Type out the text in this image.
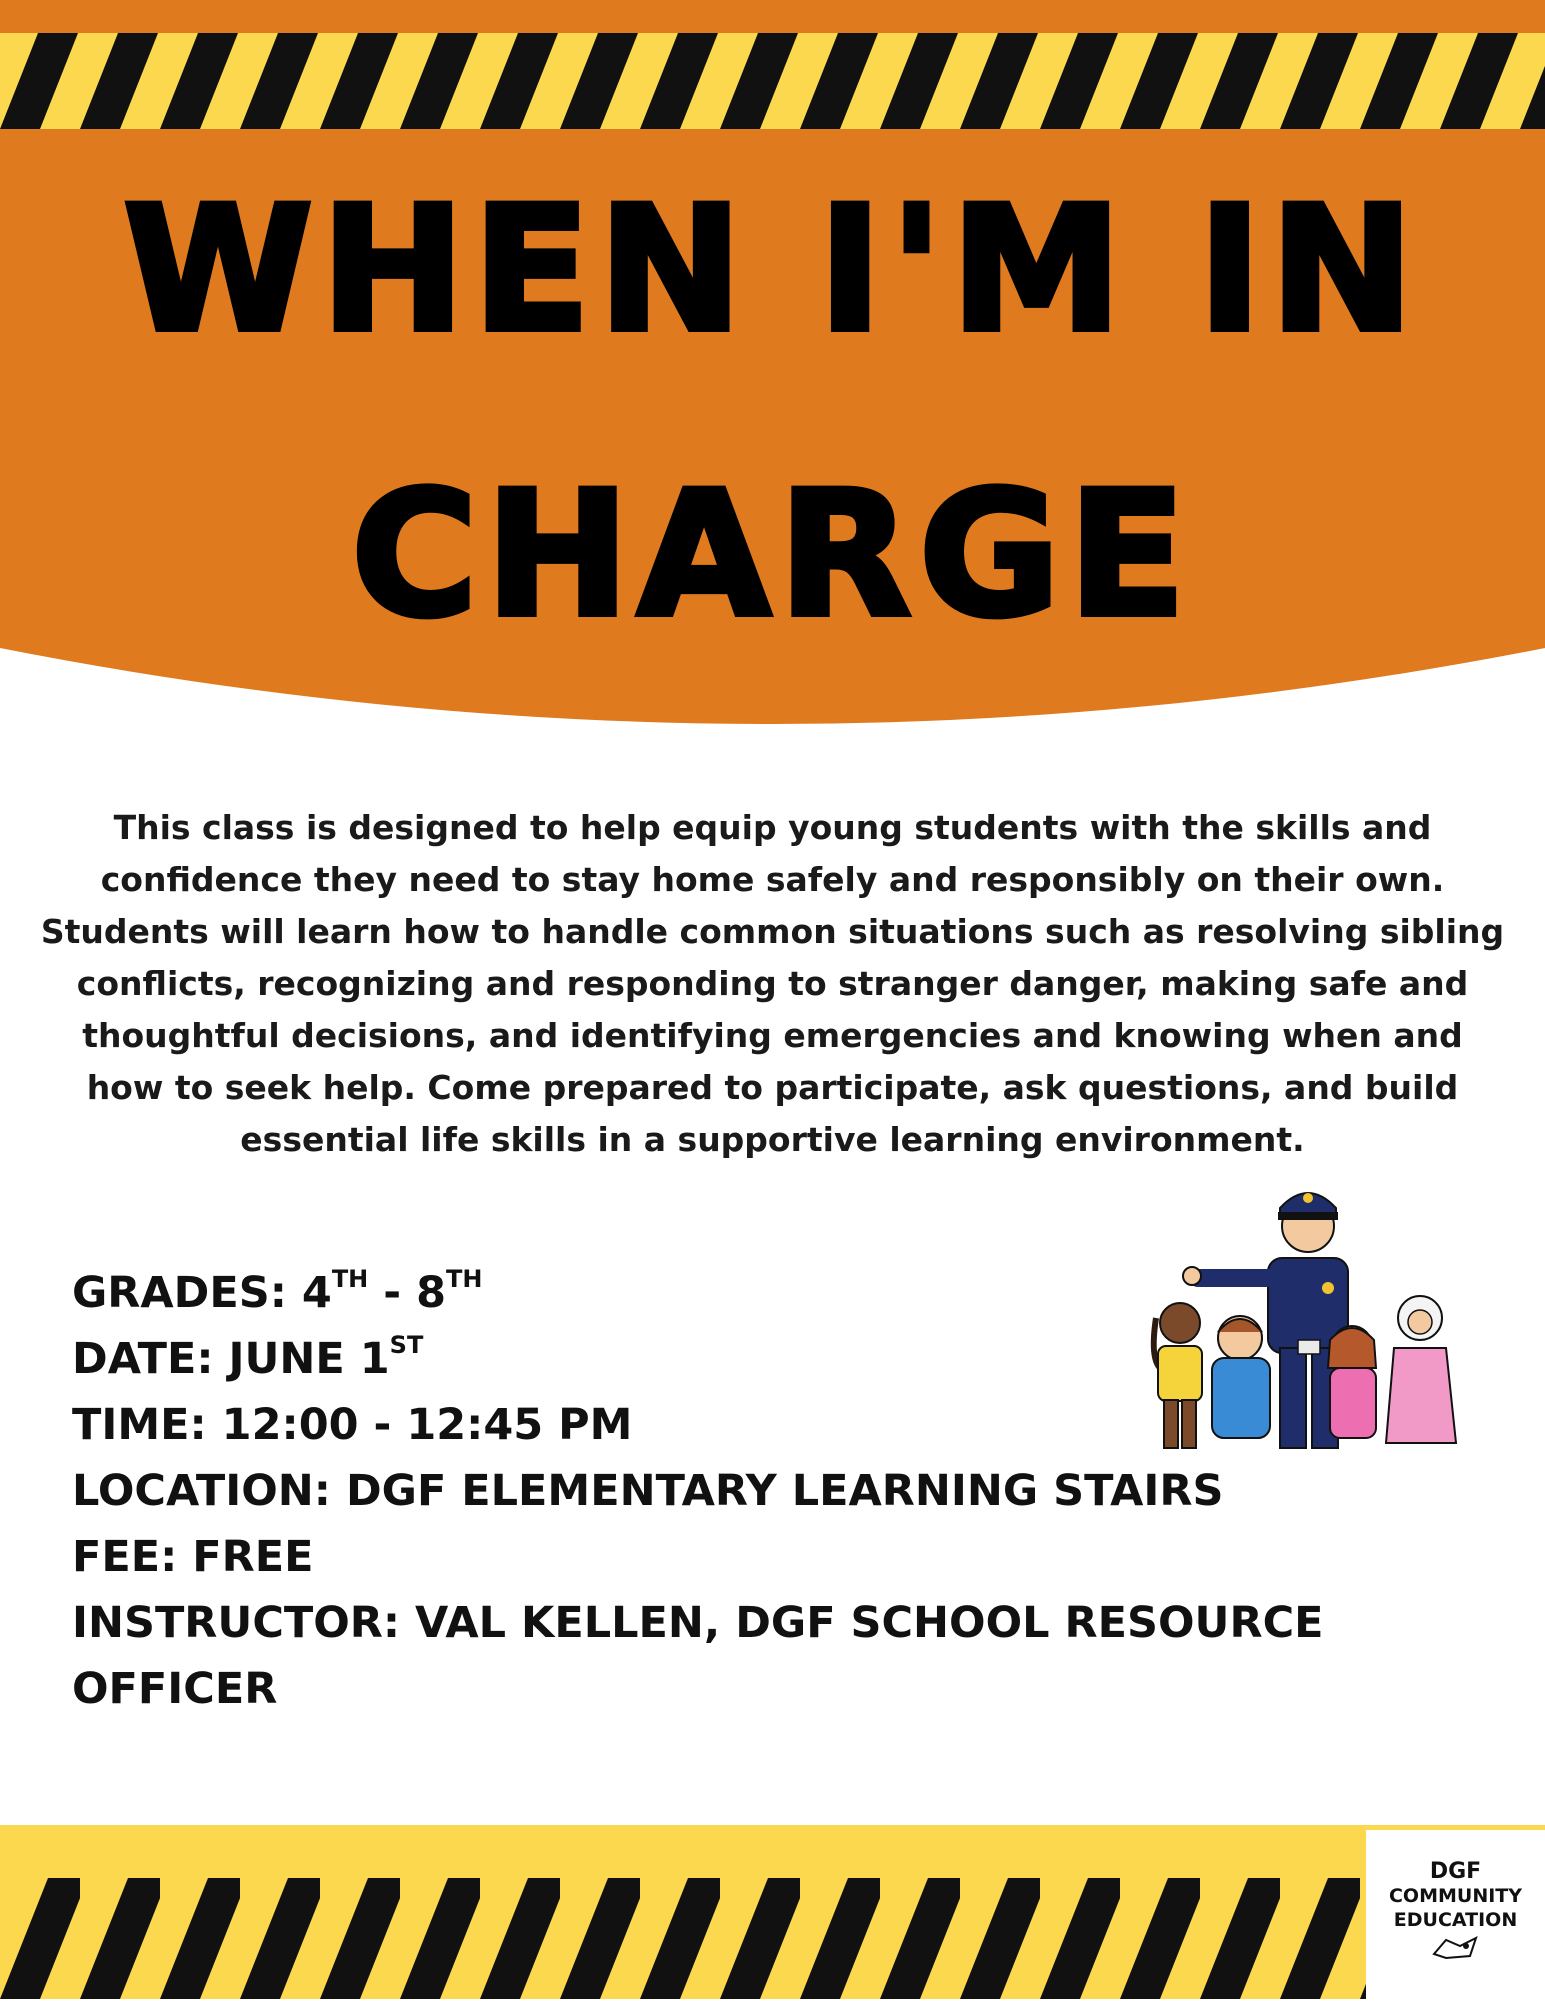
WHEN I'M IN
CHARGE
This class is designed to help equip young students with the skills and confidence they need to stay home safely and responsibly on their own. Students will learn how to handle common situations such as resolving sibling conflicts, recognizing and responding to stranger danger, making safe and thoughtful decisions, and identifying emergencies and knowing when and how to seek help. Come prepared to participate, ask questions, and build essential life skills in a supportive learning environment.
GRADES: 4TH - 8TH
DATE: JUNE 1ST
TIME: 12:00 - 12:45 PM
LOCATION: DGF ELEMENTARY LEARNING STAIRS
FEE: FREE
INSTRUCTOR: VAL KELLEN, DGF SCHOOL RESOURCE
OFFICER
DGF
COMMUNITY
EDUCATION
